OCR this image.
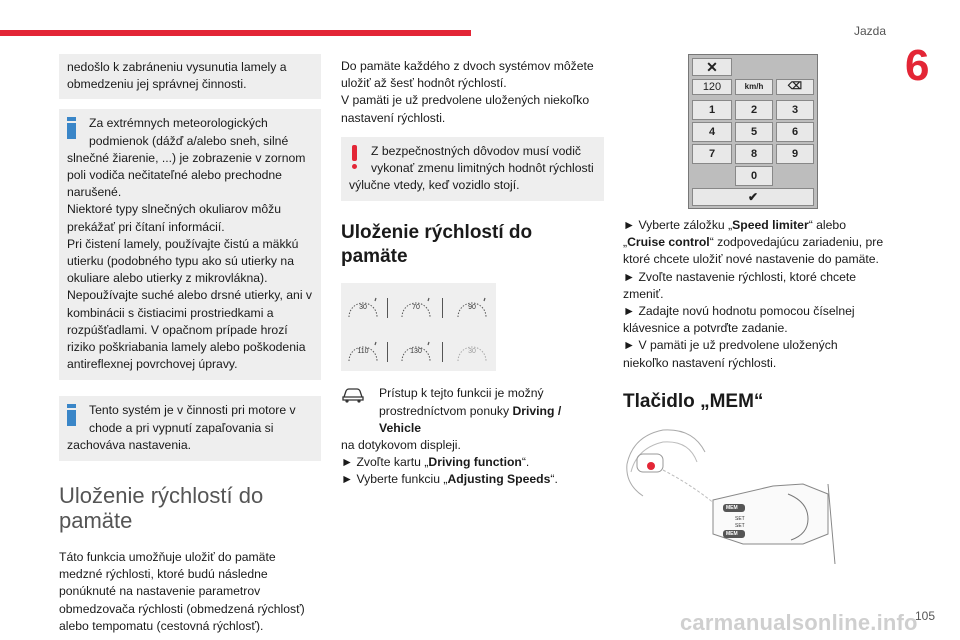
Jazda
6
nedošlo k zabráneniu vysunutia lamely a obmedzeniu jej správnej činnosti.
Za extrémnych meteorologických
podmienok (dážď a/alebo sneh, silné
slnečné žiarenie, ...) je zobrazenie v zornom poli vodiča nečitateľné alebo prechodne narušené.
Niektoré typy slnečných okuliarov môžu prekážať pri čítaní informácií.
Pri čistení lamely, používajte čistú a mäkkú utierku (podobného typu ako sú utierky na okuliare alebo utierky z mikrovlákna). Nepoužívajte suché alebo drsné utierky, ani v kombinácii s čistiacimi prostriedkami a rozpúšťadlami. V opačnom prípade hrozí riziko poškriabania lamely alebo poškodenia antireflexnej povrchovej úpravy.
Tento systém je v činnosti pri motore v
chode a pri vypnutí zapaľovania si
zachováva nastavenia.
Uloženie rýchlostí do pamäte
Táto funkcia umožňuje uložiť do pamäte medzné rýchlosti, ktoré budú následne ponúknuté na nastavenie parametrov obmedzovača rýchlosti (obmedzená rýchlosť) alebo tempomatu (cestovná rýchlosť).
Do pamäte každého z dvoch systémov môžete uložiť až šesť hodnôt rýchlostí.
V pamäti je už predvolene uložených niekoľko nastavení rýchlosti.
Z bezpečnostných dôvodov musí vodič
vykonať zmenu limitných hodnôt rýchlosti
výlučne vtedy, keď vozidlo stojí.
Uloženie rýchlostí do pamäte
30	70	90
110	130	30
Prístup k tejto funkcii je možný
prostredníctvom ponuky Driving / Vehicle
na dotykovom displeji.
► Zvoľte kartu „Driving function“.
► Vyberte funkciu „Adjusting Speeds“.
✕
120	km/h	⌫
1	2	3
4	5	6
7	8	9
0
✔
► Vyberte záložku „Speed limiter“ alebo „Cruise control“ zodpovedajúcu zariadeniu, pre ktoré chcete uložiť nové nastavenie do pamäte.
► Zvoľte nastavenie rýchlosti, ktoré chcete zmeniť.
► Zadajte novú hodnotu pomocou číselnej klávesnice a potvrďte zadanie.
► V pamäti je už predvolene uložených niekoľko nastavení rýchlosti.
Tlačidlo „MEM“
MEM
SET
SET
MEM
carmanualsonline.info
105
